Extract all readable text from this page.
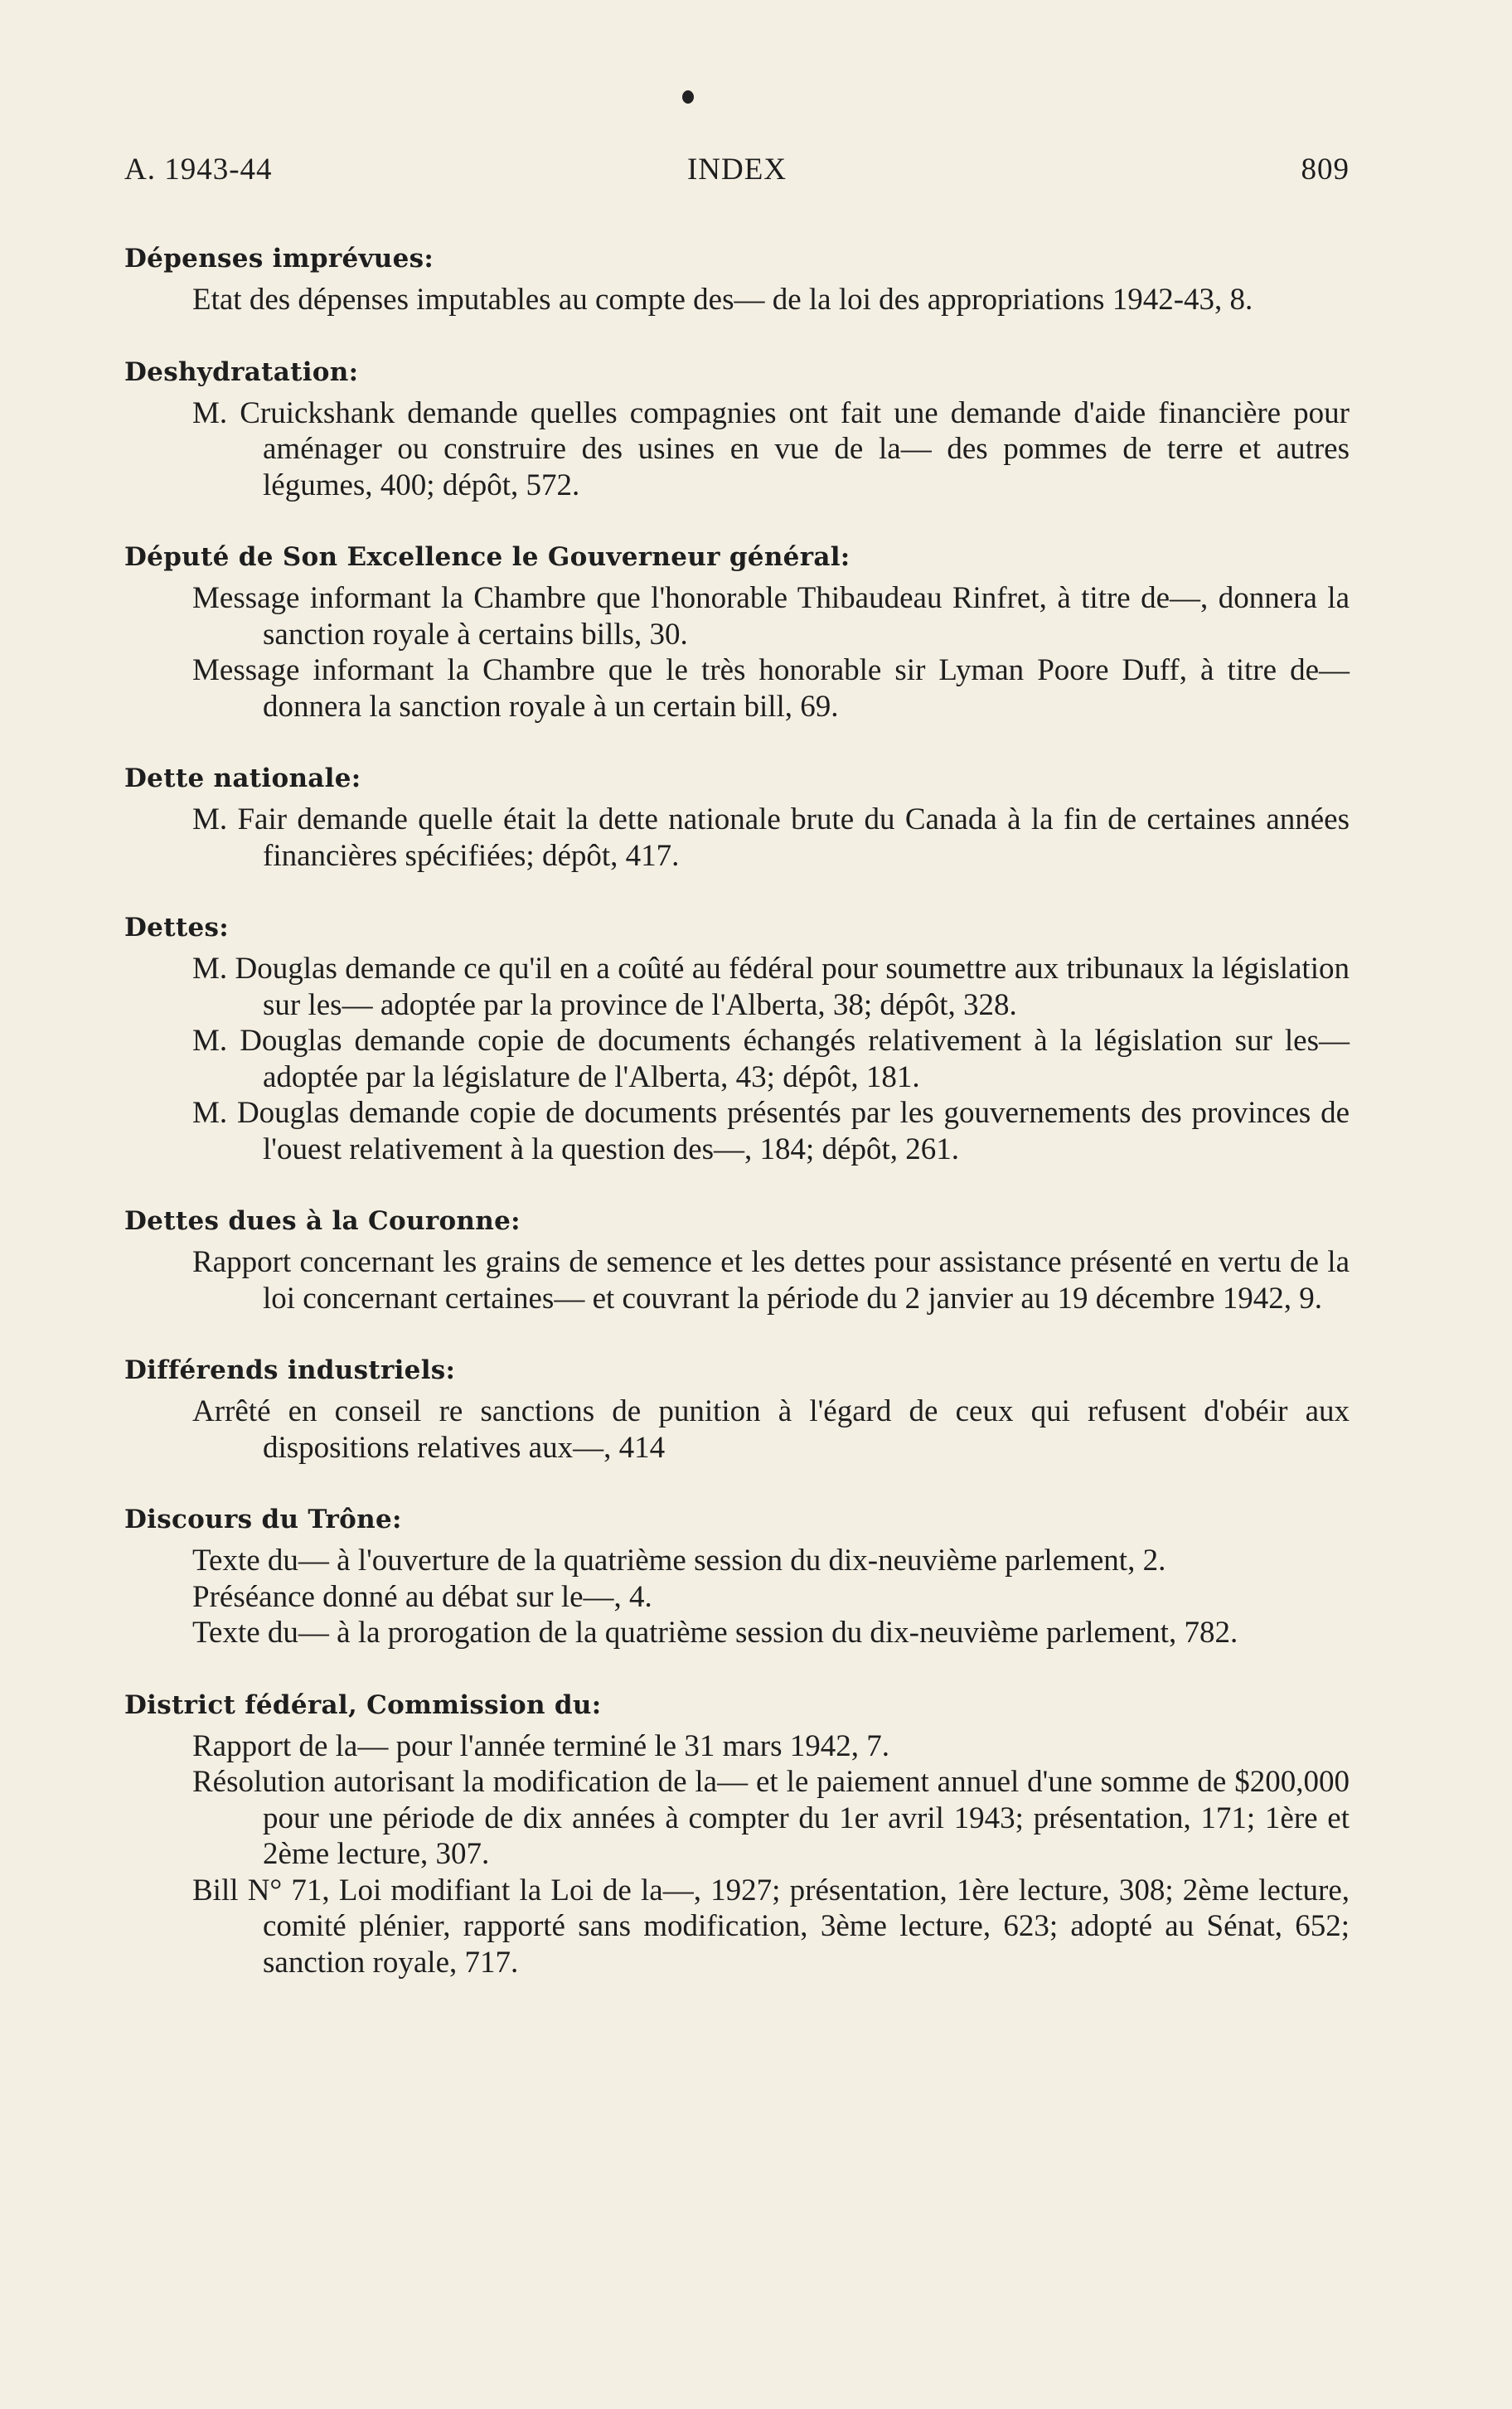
A. 1943-44	INDEX	809

Dépenses imprévues:

Etat des dépenses imputables au compte des— de la loi des appropriations 1942-43, 8.

Deshydratation:

M. Cruickshank demande quelles compagnies ont fait une demande d'aide financière pour aménager ou construire des usines en vue de la— des pommes de terre et autres légumes, 400; dépôt, 572.

Député de Son Excellence le Gouverneur général:

Message informant la Chambre que l'honorable Thibaudeau Rinfret, à titre de—, donnera la sanction royale à certains bills, 30.

Message informant la Chambre que le très honorable sir Lyman Poore Duff, à titre de— donnera la sanction royale à un certain bill, 69.

Dette nationale:

M. Fair demande quelle était la dette nationale brute du Canada à la fin de certaines années financières spécifiées; dépôt, 417.

Dettes:

M. Douglas demande ce qu'il en a coûté au fédéral pour soumettre aux tribunaux la législation sur les— adoptée par la province de l'Alberta, 38; dépôt, 328.

M. Douglas demande copie de documents échangés relativement à la législation sur les— adoptée par la législature de l'Alberta, 43; dépôt, 181.

M. Douglas demande copie de documents présentés par les gouvernements des provinces de l'ouest relativement à la question des—, 184; dépôt, 261.

Dettes dues à la Couronne:

Rapport concernant les grains de semence et les dettes pour assistance présenté en vertu de la loi concernant certaines— et couvrant la période du 2 janvier au 19 décembre 1942, 9.

Différends industriels:

Arrêté en conseil re sanctions de punition à l'égard de ceux qui refusent d'obéir aux dispositions relatives aux—, 414

Discours du Trône:

Texte du— à l'ouverture de la quatrième session du dix-neuvième parlement, 2.

Préséance donné au débat sur le—, 4.

Texte du— à la prorogation de la quatrième session du dix-neuvième parlement, 782.

District fédéral, Commission du:

Rapport de la— pour l'année terminé le 31 mars 1942, 7.

Résolution autorisant la modification de la— et le paiement annuel d'une somme de $200,000 pour une période de dix années à compter du 1er avril 1943; présentation, 171; 1ère et 2ème lecture, 307.

Bill N° 71, Loi modifiant la Loi de la—, 1927; présentation, 1ère lecture, 308; 2ème lecture, comité plénier, rapporté sans modification, 3ème lecture, 623; adopté au Sénat, 652; sanction royale, 717.
